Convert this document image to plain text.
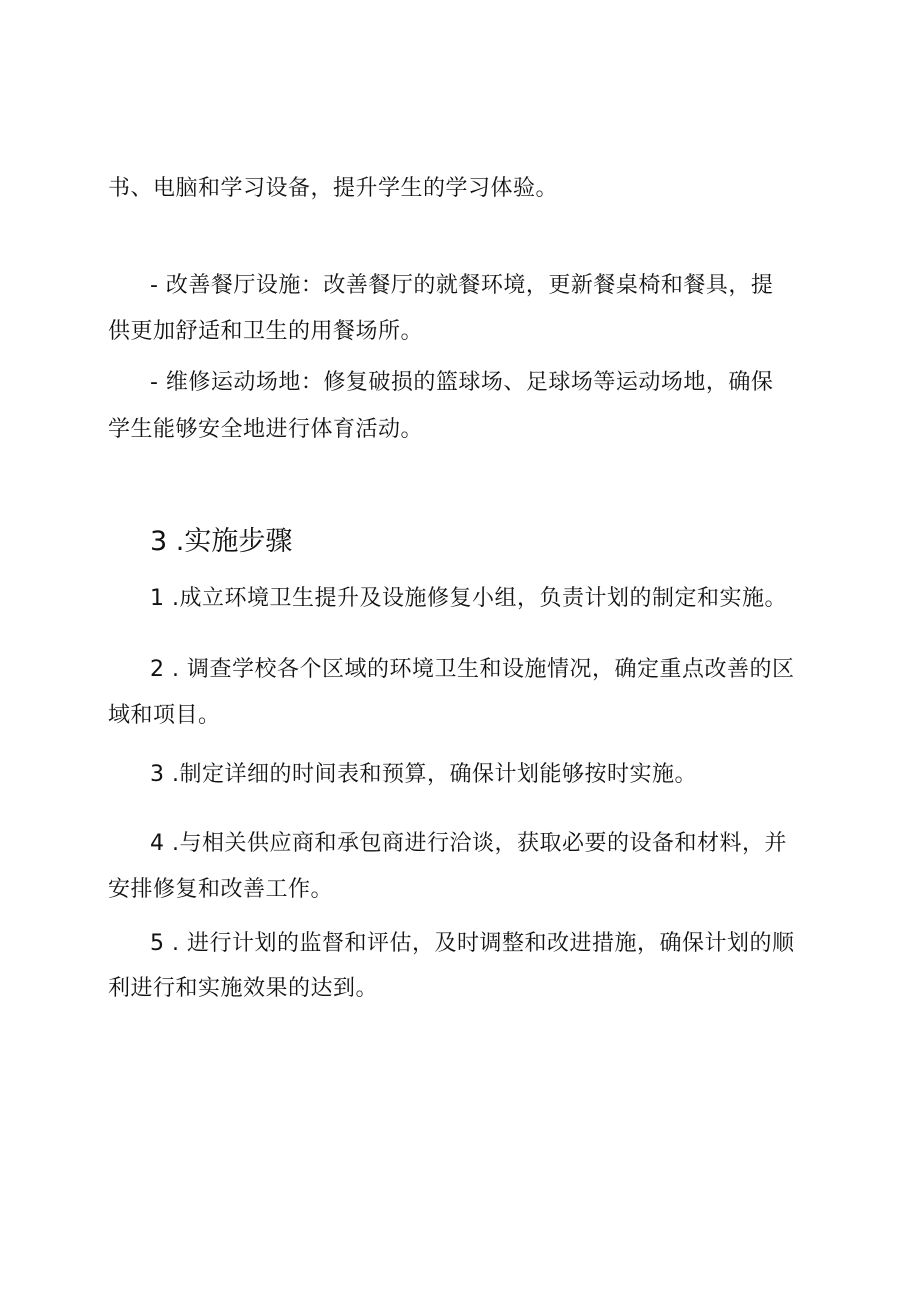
书、电脑和学习设备，提升学生的学习体验。
- 改善餐厅设施：改善餐厅的就餐环境，更新餐桌椅和餐具，提
供更加舒适和卫生的用餐场所。
- 维修运动场地：修复破损的篮球场、足球场等运动场地，确保
学生能够安全地进行体育活动。
3 .实施步骤
1 .成立环境卫生提升及设施修复小组，负责计划的制定和实施。
2 . 调查学校各个区域的环境卫生和设施情况，确定重点改善的区
域和项目。
3 .制定详细的时间表和预算，确保计划能够按时实施。
4 .与相关供应商和承包商进行洽谈，获取必要的设备和材料，并
安排修复和改善工作。
5 . 进行计划的监督和评估，及时调整和改进措施，确保计划的顺
利进行和实施效果的达到。
